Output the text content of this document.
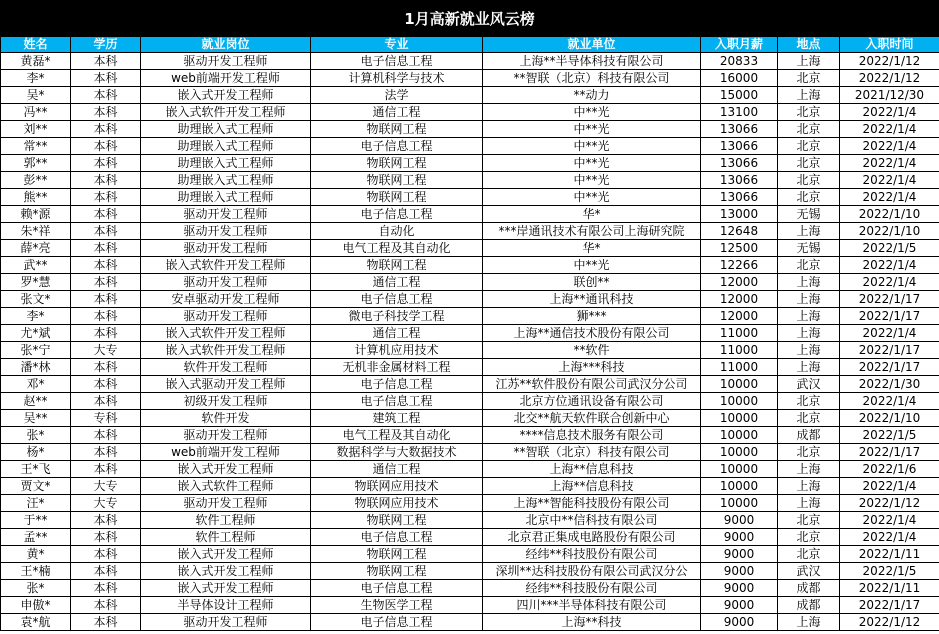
1月高新就业风云榜
姓名	学历	就业岗位	专业	就业单位	入职月薪	地点	入职时间
黄磊*	本科	驱动开发工程师	电子信息工程	上海**半导体科技有限公司	20833	上海	2022/1/12
李*	本科	web前端开发工程师	计算机科学与技术	**智联（北京）科技有限公司	16000	北京	2022/1/12
吴*	本科	嵌入式开发工程师	法学	**动力	15000	上海	2021/12/30
冯**	本科	嵌入式软件开发工程师	通信工程	中**光	13100	北京	2022/1/4
刘**	本科	助理嵌入式工程师	物联网工程	中**光	13066	北京	2022/1/4
常**	本科	助理嵌入式工程师	电子信息工程	中**光	13066	北京	2022/1/4
郭**	本科	助理嵌入式工程师	物联网工程	中**光	13066	北京	2022/1/4
彭**	本科	助理嵌入式工程师	物联网工程	中**光	13066	北京	2022/1/4
熊**	本科	助理嵌入式工程师	物联网工程	中**光	13066	北京	2022/1/4
赖*源	本科	驱动开发工程师	电子信息工程	华*	13000	无锡	2022/1/10
朱*祥	本科	驱动开发工程师	自动化	***岸通讯技术有限公司上海研究院	12648	上海	2022/1/10
薛*亮	本科	驱动开发工程师	电气工程及其自动化	华*	12500	无锡	2022/1/5
武**	本科	嵌入式软件开发工程师	物联网工程	中**光	12266	北京	2022/1/4
罗*慧	本科	驱动开发工程师	通信工程	联创**	12000	上海	2022/1/4
张文*	本科	安卓驱动开发工程师	电子信息工程	上海**通讯科技	12000	上海	2022/1/17
李*	本科	驱动开发工程师	微电子科技学工程	狮***	12000	上海	2022/1/17
尤*斌	本科	嵌入式软件开发工程师	通信工程	上海**通信技术股份有限公司	11000	上海	2022/1/4
张*宁	大专	嵌入式软件开发工程师	计算机应用技术	**软件	11000	上海	2022/1/17
潘*林	本科	软件开发工程师	无机非金属材料工程	上海***科技	11000	上海	2022/1/17
邓*	本科	嵌入式驱动开发工程师	电子信息工程	江苏**软件股份有限公司武汉分公司	10000	武汉	2022/1/30
赵**	本科	初级开发工程师	电子信息工程	北京方位通讯设备有限公司	10000	北京	2022/1/4
吴**	专科	软件开发	建筑工程	北交**航天软件联合创新中心	10000	北京	2022/1/10
张*	本科	驱动开发工程师	电气工程及其自动化	****信息技术服务有限公司	10000	成都	2022/1/5
杨*	本科	web前端开发工程师	数据科学与大数据技术	**智联（北京）科技有限公司	10000	北京	2022/1/17
王*飞	本科	嵌入式开发工程师	通信工程	上海**信息科技	10000	上海	2022/1/6
贾文*	大专	嵌入式软件工程师	物联网应用技术	上海**信息科技	10000	上海	2022/1/4
汪*	大专	驱动开发工程师	物联网应用技术	上海**智能科技股份有限公司	10000	上海	2022/1/12
于**	本科	软件工程师	物联网工程	北京中**信科技有限公司	9000	北京	2022/1/4
孟**	本科	软件工程师	电子信息工程	北京君正集成电路股份有限公司	9000	北京	2022/1/4
黄*	本科	嵌入式开发工程师	物联网工程	经纬**科技股份有限公司	9000	北京	2022/1/11
王*楠	本科	嵌入式开发工程师	物联网工程	深圳**达科技股份有限公司武汉分公	9000	武汉	2022/1/5
张*	本科	嵌入式开发工程师	电子信息工程	经纬**科技股份有限公司	9000	成都	2022/1/11
申傲*	本科	半导体设计工程师	生物医学工程	四川***半导体科技有限公司	9000	成都	2022/1/17
袁*航	本科	驱动开发工程师	电子信息工程	上海**科技	9000	上海	2022/1/12
